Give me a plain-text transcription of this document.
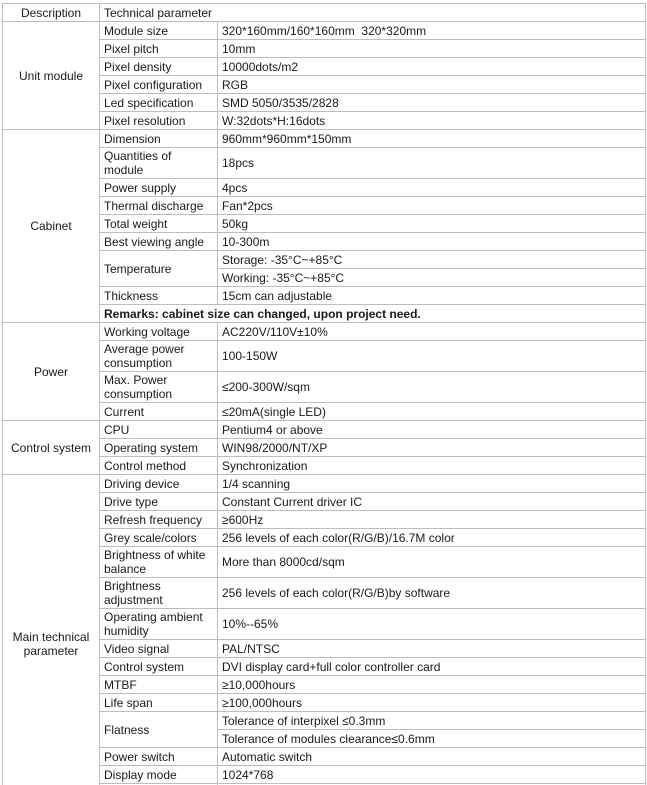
Description	Technical parameter	
Unit module	Module size	320*160mm/160*160mm  320*320mm
	Pixel pitch	10mm
	Pixel density	10000dots/m2
	Pixel configuration	RGB
	Led specification	SMD 5050/3535/2828
	Pixel resolution	W:32dots*H:16dots
Cabinet	Dimension	960mm*960mm*150mm
	Quantities of module	18pcs
	Power supply	4pcs
	Thermal discharge	Fan*2pcs
	Total weight	50kg
	Best viewing angle	10-300m
	Temperature	Storage: -35°C~+85°C
		Working: -35°C~+85°C
	Thickness	15cm can adjustable
	Remarks: cabinet size can changed, upon project need.	
Power	Working voltage	AC220V/110V±10%
	Average power consumption	100-150W
	Max. Power consumption	≤200-300W/sqm
	Current	≤20mA(single LED)
Control system	CPU	Pentium4 or above
	Operating system	WIN98/2000/NT/XP
	Control method	Synchronization
Main technical parameter	Driving device	1/4 scanning
	Drive type	Constant Current driver IC
	Refresh frequency	≥600Hz
	Grey scale/colors	256 levels of each color(R/G/B)/16.7M color
	Brightness of white balance	More than 8000cd/sqm
	Brightness adjustment	256 levels of each color(R/G/B)by software
	Operating ambient humidity	10%--65%
	Video signal	PAL/NTSC
	Control system	DVI display card+full color controller card
	MTBF	≥10,000hours
	Life span	≥100,000hours
	Flatness	Tolerance of interpixel ≤0.3mm
		Tolerance of modules clearance≤0.6mm
	Power switch	Automatic switch
	Display mode	1024*768
